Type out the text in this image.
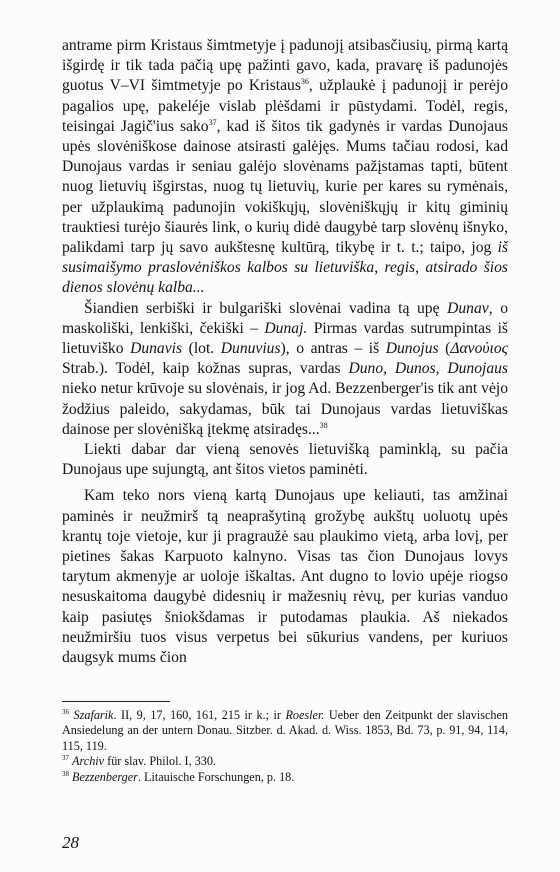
antrame pirm Kristaus šimtmetyje į padunojį atsibasčiusių, pirmą kartą išgirdę ir tik tada pačią upę pažinti gavo, kada, pravarę iš padunojės guotus V–VI šimtmetyje po Kristaus$^{36}$, užplaukė į padunojį ir perėjo pagalios upę, pakeléje vislab plėšdami ir pūstydami. Todėl, regis, teisingai Jagič'ius sako$^{37}$, kad iš šitos tik gadynės ir vardas Dunojaus upės slovėniškose dainose atsirasti galėjęs. Mums tačiau rodosi, kad Dunojaus vardas ir seniau galėjo slovėnams pažįstamas tapti, būtent nuog lietuvių išgirstas, nuog tų lietuvių, kurie per kares su rymėnais, per užplaukimą padunojin vokiškųjų, slovėniškųjų ir kitų giminių trauktiesi turėjo šiaurės link, o kurių didė daugybė tarp slovėnų išnyko, palikdami tarp jų savo aukštesnę kultūrą, tikybę ir t. t.; taipo, jog iš susimaišymo praslovėniškos kalbos su lietuviška, regis, atsirado šios dienos slovėnų kalba...

Šiandien serbiški ir bulgariški slovėnai vadina tą upę Dunav, o maskoliški, lenkiški, čekiški – Dunaj. Pirmas vardas sutrumpintas iš lietuviško Dunavis (lot. Dunuvius), o antras – iš Dunojus (Δανούιος Strab.). Todėl, kaip kožnas supras, vardas Duno, Dunos, Dunojaus nieko netur krūvoje su slovėnais, ir jog Ad. Bezzenberger'is tik ant vėjo žodžius paleido, sakydamas, būk tai Dunojaus vardas lietuviškas dainose per slovėnišką įtekmę atsiradęs...$^{38}$

Liekti dabar dar vieną senovės lietuvišką paminklą, su pačia Dunojaus upe sujungtą, ant šitos vietos paminėti.

Kam teko nors vieną kartą Dunojaus upe keliauti, tas amžinai paminės ir neužmirš tą neaprašytiną grožybę aukštų uoluotų upės krantų toje vietoje, kur ji pragraužė sau plaukimo vietą, arba lovį, per pietines šakas Karpuoto kalnyno. Visas tas čion Dunojaus lovys tarytum akmenyje ar uoloje iškaltas. Ant dugno to lovio upėje riogso nesuskaitoma daugybė didesnių ir mažesnių rėvų, per kurias vanduo kaip pasiutęs šniokšdamas ir putodamas plaukia. Aš niekados neužmiršiu tuos visus verpetus bei sūkurius vandens, per kuriuos daugsyk mums čion

$^{36}$ Szafarik. II, 9, 17, 160, 161, 215 ir k.; ir Roesler. Ueber den Zeitpunkt der slavischen Ansiedelung an der untern Donau. Sitzber. d. Akad. d. Wiss. 1853, Bd. 73, p. 91, 94, 114, 115, 119.

$^{37}$ Archiv für slav. Philol. I, 330.

$^{38}$ Bezzenberger. Litauische Forschungen, p. 18.

28
